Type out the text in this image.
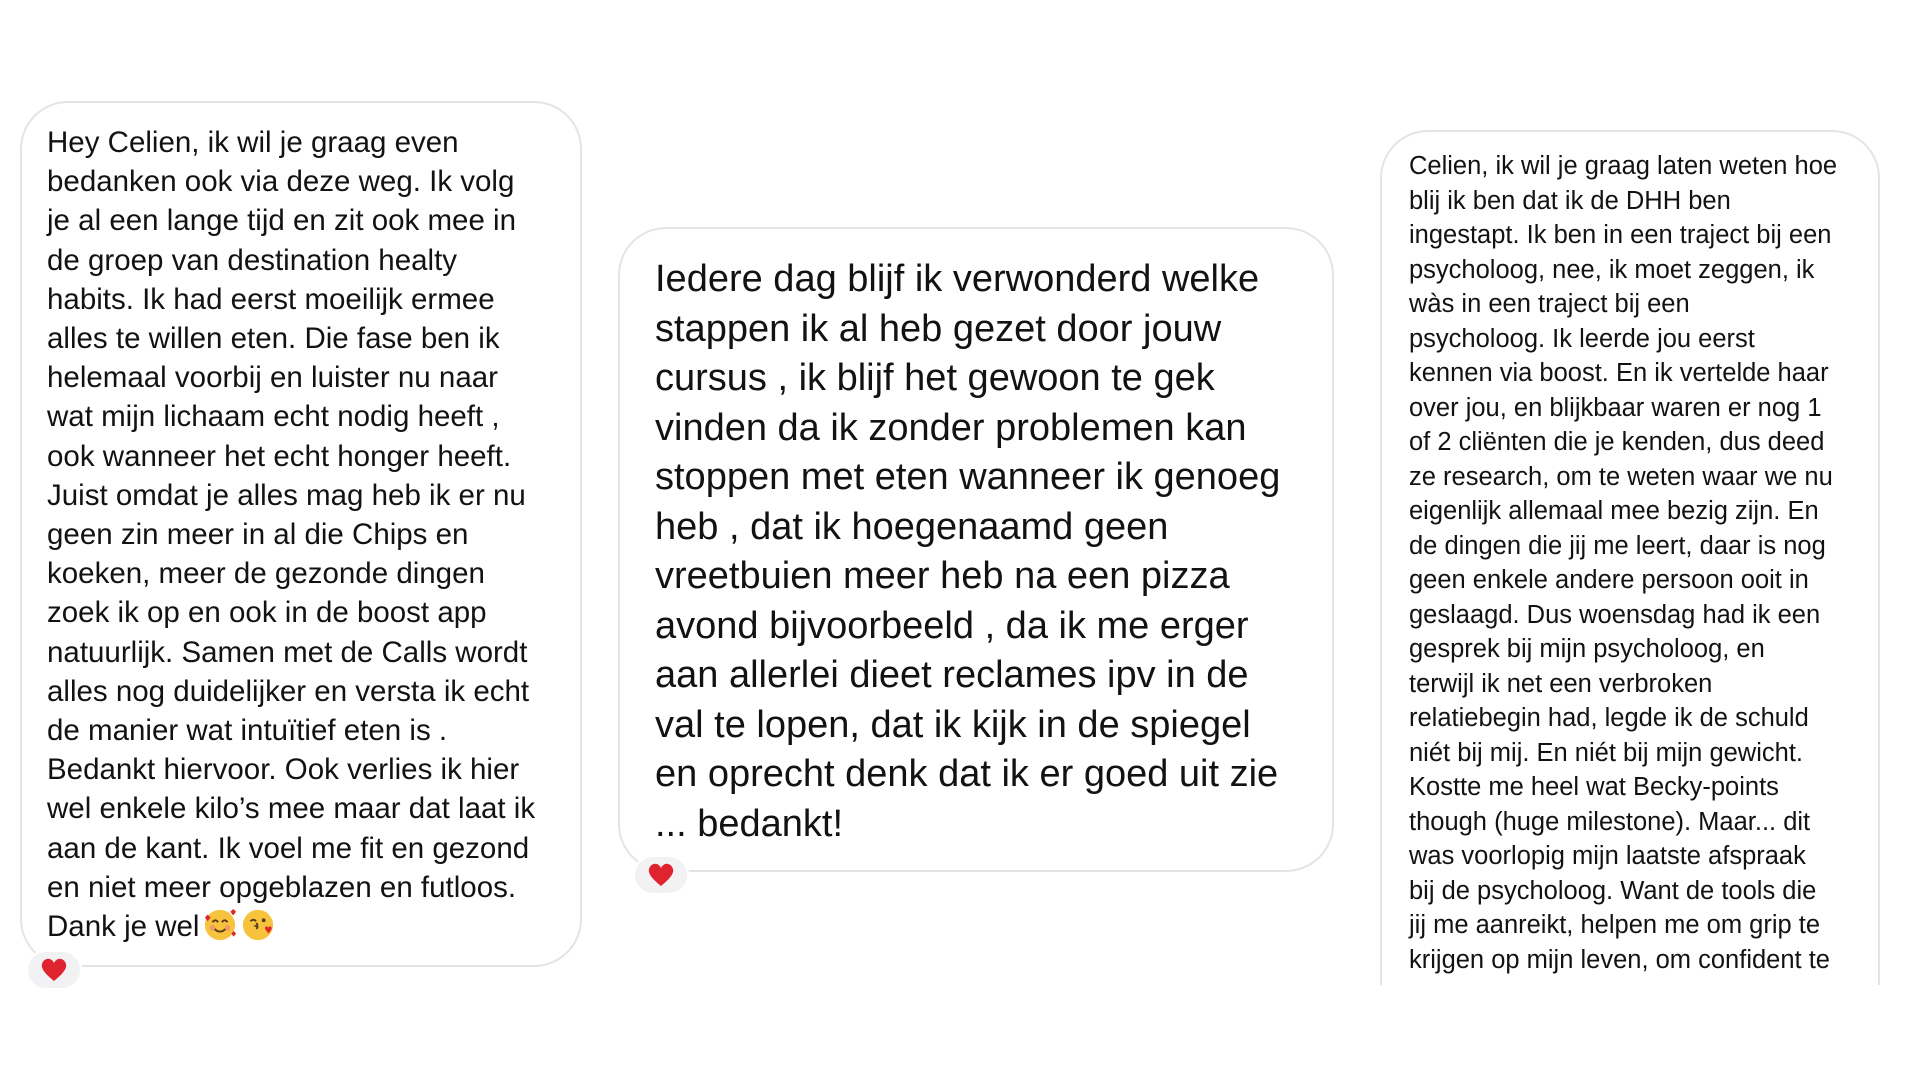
Hey Celien, ik wil je graag even
bedanken ook via deze weg. Ik volg
je al een lange tijd en zit ook mee in
de groep van destination healty
habits. Ik had eerst moeilijk ermee
alles te willen eten. Die fase ben ik
helemaal voorbij en luister nu naar
wat mijn lichaam echt nodig heeft ,
ook wanneer het echt honger heeft.
Juist omdat je alles mag heb ik er nu
geen zin meer in al die Chips en
koeken, meer de gezonde dingen
zoek ik op en ook in de boost app
natuurlijk. Samen met de Calls wordt
alles nog duidelijker en versta ik echt
de manier wat intuïtief eten is .
Bedankt hiervoor. Ook verlies ik hier
wel enkele kilo’s mee maar dat laat ik
aan de kant. Ik voel me fit en gezond
en niet meer opgeblazen en futloos.
Dank je wel

Iedere dag blijf ik verwonderd welke
stappen ik al heb gezet door jouw
cursus , ik blijf het gewoon te gek
vinden da ik zonder problemen kan
stoppen met eten wanneer ik genoeg
heb , dat ik hoegenaamd geen
vreetbuien meer heb na een pizza
avond bijvoorbeeld , da ik me erger
aan allerlei dieet reclames ipv in de
val te lopen, dat ik kijk in de spiegel
en oprecht denk dat ik er goed uit zie
... bedankt!

Celien, ik wil je graag laten weten hoe
blij ik ben dat ik de DHH ben
ingestapt. Ik ben in een traject bij een
psycholoog, nee, ik moet zeggen, ik
wàs in een traject bij een
psycholoog. Ik leerde jou eerst
kennen via boost. En ik vertelde haar
over jou, en blijkbaar waren er nog 1
of 2 cliënten die je kenden, dus deed
ze research, om te weten waar we nu
eigenlijk allemaal mee bezig zijn. En
de dingen die jij me leert, daar is nog
geen enkele andere persoon ooit in
geslaagd. Dus woensdag had ik een
gesprek bij mijn psycholoog, en
terwijl ik net een verbroken
relatiebegin had, legde ik de schuld
niét bij mij. En niét bij mijn gewicht.
Kostte me heel wat Becky-points
though (huge milestone). Maar... dit
was voorlopig mijn laatste afspraak
bij de psycholoog. Want de tools die
jij me aanreikt, helpen me om grip te
krijgen op mijn leven, om confident te
